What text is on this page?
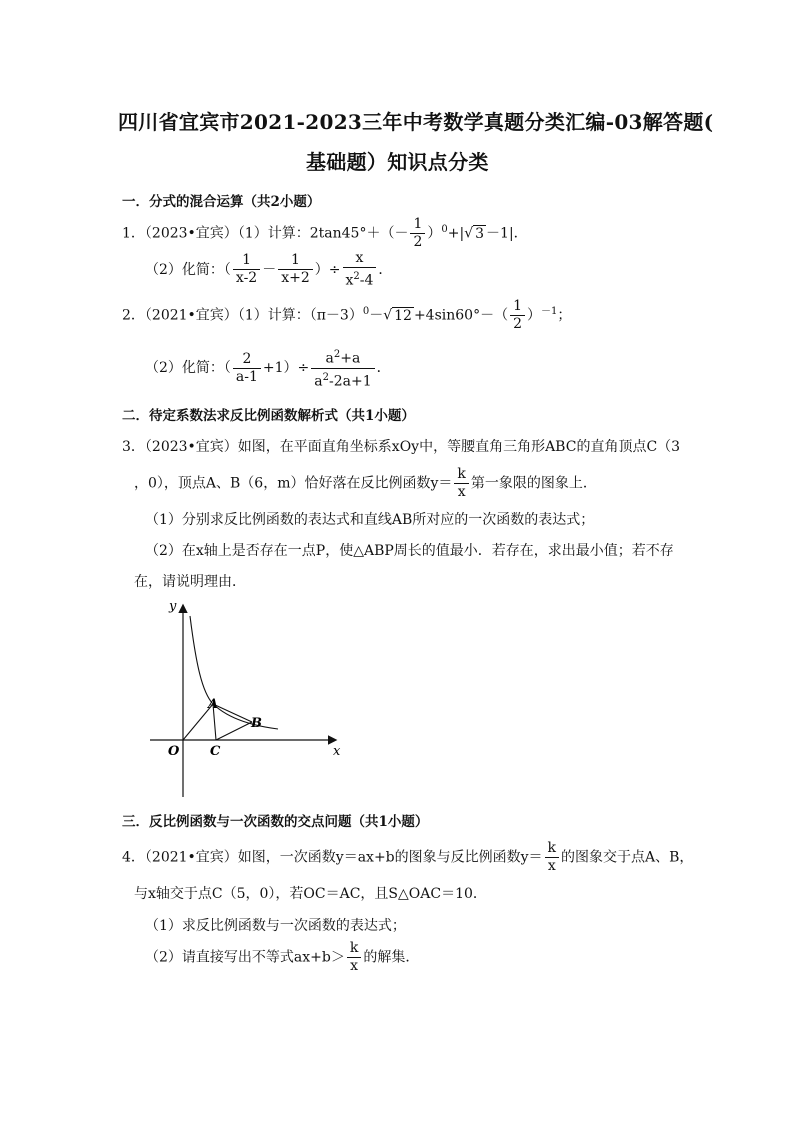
四川省宜宾市2021-2023三年中考数学真题分类汇编-03解答题(
基础题）知识点分类
一．分式的混合运算（共2小题）
1．（2023•宜宾）（1）计算：$2\tan 45^\circ+(- \frac{1}{2} )^0+|√$ 3 －1|．
（2）化简：（ $\frac{1}{x-2} - \frac{1}{x+2}$ ）÷ $\frac{x}{x^2-4}$ ．
2．（2021•宜宾）（1）计算：$(\pi-3)^0-√$ $12 +4\sin 60^\circ-( \frac{1}{2} )^{-1}$；
（2）化简：（ $\frac{2}{a-1} +1)\div \frac{a^2+a}{a^2-2a+1}$ ．
二．待定系数法求反比例函数解析式（共1小题）
3．（2023•宜宾）如图，在平面直角坐标系xOy中，等腰直角三角形ABC的直角顶点C（3
，0），顶点A、B（6，m）恰好落在反比例函数$y= \frac{k}{x}$ 第一象限的图象上．
（1）分别求反比例函数的表达式和直线AB所对应的一次函数的表达式；
（2）在x轴上是否存在一点P，使△ABP周长的值最小．若存在，求出最小值；若不存
在，请说明理由．
y
x
O
A
B
C
三．反比例函数与一次函数的交点问题（共1小题）
4．（2021•宜宾）如图，一次函数y＝ax+b的图象与反比例函数$y= \frac{k}{x}$ 的图象交于点A、B，
与x轴交于点C（5，0），若OC＝AC，且S△OAC＝10．
（1）求反比例函数与一次函数的表达式；
（2）请直接写出不等式$ax+b> \frac{k}{x}$ 的解集．
